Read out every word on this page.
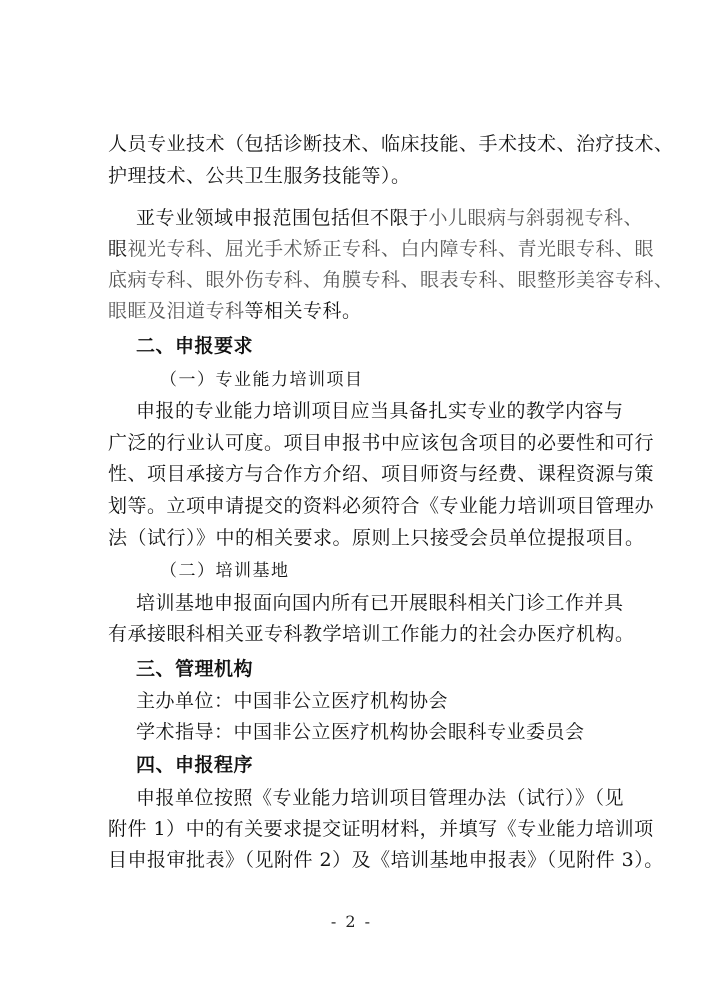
人员专业技术（包括诊断技术、临床技能、手术技术、治疗技术、
护理技术、公共卫生服务技能等）。
亚专业领域申报范围包括但不限于小儿眼病与斜弱视专科、
眼视光专科、屈光手术矫正专科、白内障专科、青光眼专科、眼
底病专科、眼外伤专科、角膜专科、眼表专科、眼整形美容专科、
眼眶及泪道专科等相关专科。
二、申报要求
（一）专业能力培训项目
申报的专业能力培训项目应当具备扎实专业的教学内容与
广泛的行业认可度。项目申报书中应该包含项目的必要性和可行
性、项目承接方与合作方介绍、项目师资与经费、课程资源与策
划等。立项申请提交的资料必须符合《专业能力培训项目管理办
法（试行）》中的相关要求。原则上只接受会员单位提报项目。
（二）培训基地
培训基地申报面向国内所有已开展眼科相关门诊工作并具
有承接眼科相关亚专科教学培训工作能力的社会办医疗机构。
三、管理机构
主办单位：中国非公立医疗机构协会
学术指导：中国非公立医疗机构协会眼科专业委员会
四、申报程序
申报单位按照《专业能力培训项目管理办法（试行）》（见
附件 1）中的有关要求提交证明材料，并填写《专业能力培训项
目申报审批表》（见附件 2）及《培训基地申报表》（见附件 3）。
- 2 -
